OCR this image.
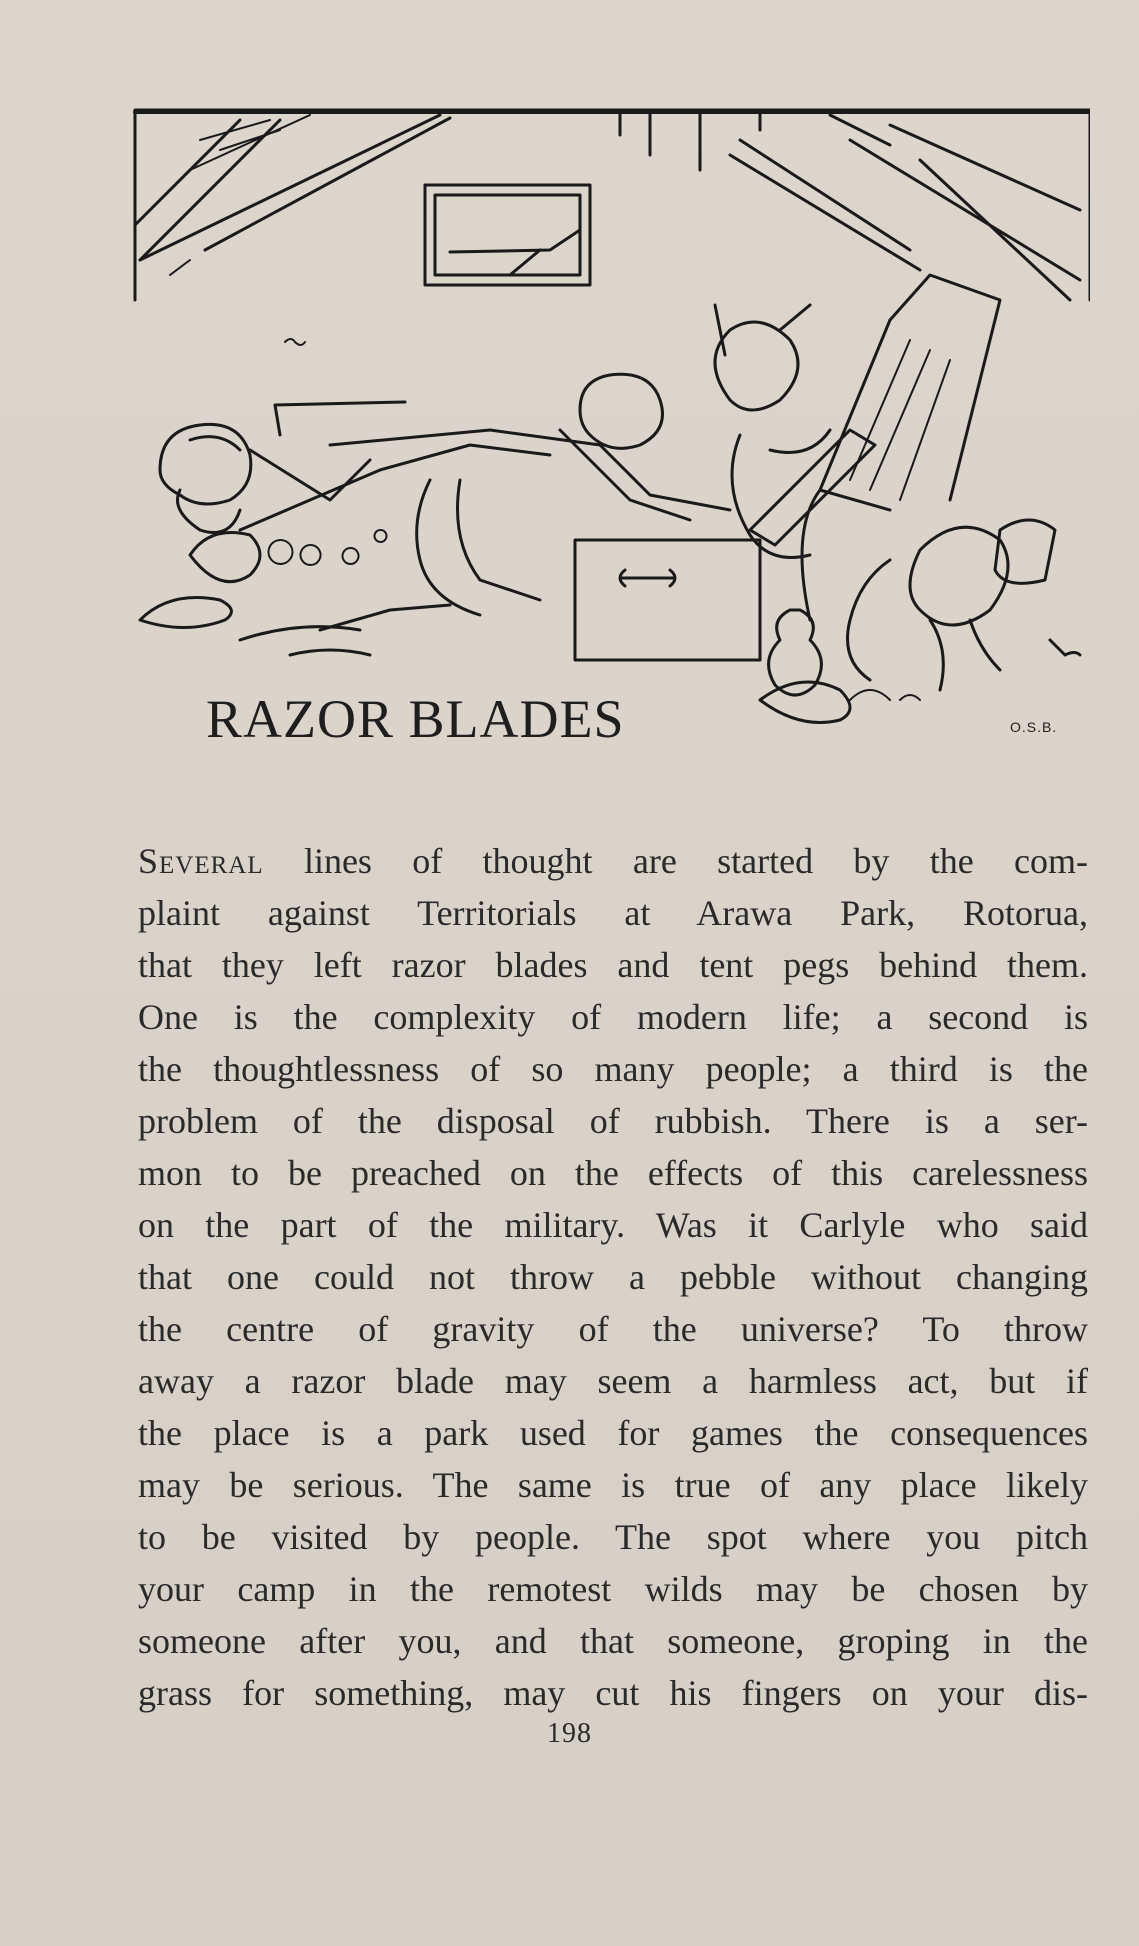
RAZOR BLADES	O.S.B.

Several lines of thought are started by the com-
plaint against Territorials at Arawa Park, Rotorua,
that they left razor blades and tent pegs behind them.
One is the complexity of modern life; a second is
the thoughtlessness of so many people; a third is the
problem of the disposal of rubbish. There is a ser-
mon to be preached on the effects of this carelessness
on the part of the military. Was it Carlyle who said
that one could not throw a pebble without changing
the centre of gravity of the universe? To throw
away a razor blade may seem a harmless act, but if
the place is a park used for games the consequences
may be serious. The same is true of any place likely
to be visited by people. The spot where you pitch
your camp in the remotest wilds may be chosen by
someone after you, and that someone, groping in the
grass for something, may cut his fingers on your dis-

198
